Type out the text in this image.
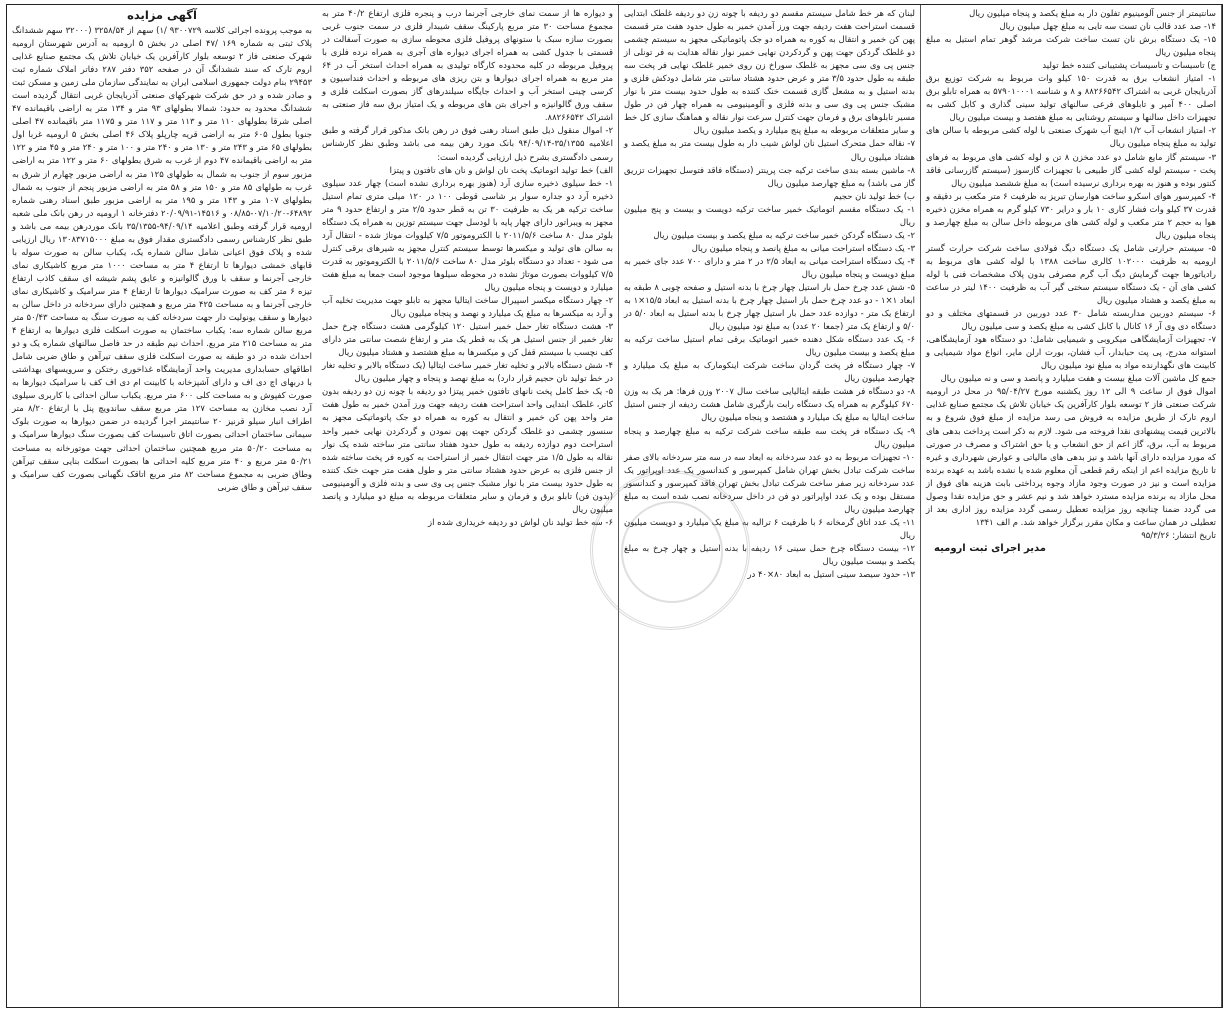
آگهی مزایده

به موجب پرونده اجرائی کلاسه ۹۳۰۰۷۲۹ /۱) سهم از ۳۲۵۸/۵۴ (۳۲۰۰۰ سهم ششدانگ پلاک ثبتی به شماره ۱۶۹ /۴۷ اصلی در بخش ۵ ارومیه به آدرس شهرستان ارومیه شهرک صنعتی فاز ۲ توسعه بلوار کارآفرین یک خیابان تلاش یک مجتمع صنایع غذایی اروم تارک که سند ششدانگ آن در صفحه ۳۵۲ دفتر ۲۸۷ دفاتر املاک شماره ثبت ۲۹۴۵۳ بنام دولت جمهوری اسلامی ایران به نمایندگی سازمان ملی زمین و مسکن ثبت و صادر شده و در حق شرکت شهرکهای صنعتی آذربایجان غربی انتقال گردیده است ششدانگ محدود به حدود: شمالا بطولهای ۹۳ متر و ۱۳۴ متر به اراضی باقیمانده ۴۷ اصلی شرقا بطولهای ۱۱۰ متر و ۱۱۳ متر و ۱۱۷ متر و ۱۱۷۵ متر باقیمانده ۴۷ اصلی جنوبا بطول ۶۰۵ متر به اراضی قریه چارپلو پلاک ۴۶ اصلی بخش ۵ ارومیه غربا اول بطولهای ۶۵ متر و ۲۴۳ متر و ۱۳۰ متر و ۲۴۰ متر و ۱۰۰ متر و ۲۴۰ متر و ۴۵ متر و ۱۲۲ متر به اراضی باقیمانده ۴۷ دوم از غرب به شرق بطولهای ۶۰ متر و ۱۲۲ متر به اراضی مزبور سوم از جنوب به شمال به طولهای ۱۲۵ متر به اراضی مزبور چهارم از شرق به غرب به طولهای ۸۵ متر و ۱۵۰ متر و ۵۸ متر به اراضی مزبور پنجم از جنوب به شمال بطولهای ۱۰۷ متر و ۱۴۳ متر و ۱۹۵ متر به اراضی مزبور طبق اسناد رهنی شماره ۶۴۸۹۲-۰۷/۱۰/۲۰-۰۸/۸۵ و ۱۴۵۱۶-۲۰/۰۹/۹۱ دفترخانه ۱ ارومیه در رهن بانک ملی شعبه ارومیه قرار گرفته وطبق اعلامیه ۹۴/۰۹/۱۴-۳۵/۱۳۵۵ بانک موردرهن بیمه می باشد و طبق نظر کارشناس رسمی دادگستری مقدار فوق به مبلغ ۱۳۰۸۳۷۱۵۰۰۰ ریال ارزیابی شده و پلاک فوق اعیانی شامل سالن شماره یک، یکباب سالن به صورت سوله با قابهای خمشی دیوارها تا ارتفاع ۴ متر به مساحت ۱۰۰۰ متر مربع کاشیکاری نمای خارجی آجرنما و سقف با ورق گالوانیزه و عایق پشم شیشه ای سقف کاذب ارتفاع تیزه ۶ متر کف به صورت سرامیک دیوارها تا ارتفاع ۴ متر سرامیک و کاشیکاری نمای خارجی آجرنما و به مساحت ۴۲۵ متر مربع و همچنین دارای سردخانه در داخل سالن به دیوارها و سقف یونولیت دار جهت سردخانه کف به صورت سنگ به مساحت ۵۰/۴۳ متر مربع سالن شماره سه: یکباب ساختمان به صورت اسکلت فلزی دیوارها به ارتفاع ۴ متر به مساحت ۲۱۵ متر مربع. احداث نیم طبقه در حد فاصل سالنهای شماره یک و دو احداث شده در دو طبقه به صورت اسکلت فلزی سقف تیرآهن و طاق ضربی شامل اطاقهای حسابداری مدیریت واحد آزمایشگاه غذاخوری رختکن و سرویسهای بهداشتی با دربهای اچ دی اف و دارای آشپزخانه با کابینت ام دی اف کف با سرامیک دیوارها به صورت کفپوش و به مساحت کلی ۶۰۰ متر مربع. یکباب سالن احداثی با کاربری سیلوی آرد نصب مخازن به مساحت ۱۲۷ متر مربع سقف ساندویچ پنل با ارتفاع ۸/۲۰ متر اطراف انبار سیلو قرنیز ۲۰ سانتیمتر اجرا گردیده در ضمن دیوارها به صورت بلوک سیمانی ساختمان احداثی بصورت اتاق تاسیسات کف بصورت سنگ دیوارها سرامیک و به مساحت ۵۰/۲۰ متر مربع همچنین ساختمان احداثی جهت موتورخانه به مساحت ۵۰/۲۱ متر مربع و ۴۰ متر مربع کلیه احداثی ها بصورت اسکلت بنایی سقف تیرآهن وطاق ضربی به مجموع مساحت ۸۲ متر مربع اتاقک نگهبانی بصورت کف سرامیک و سقف تیرآهن و طاق ضربی

و دیواره ها از سمت نمای خارجی آجرنما درب و پنجره فلزی ارتفاع ۴۰/۲ متر به مجموع مساحت ۳۰ متر مربع پارکینگ سقف شیبدار فلزی در سمت جنوب غربی بصورت سازه سبک با ستونهای پروفیل فلزی محوطه سازی به صورت آسفالت در قسمتی با جدول کشی به همراه اجرای دیواره های آجری به همراه نرده فلزی با پروفیل مربوطه در کلیه محدوده کارگاه تولیدی به همراه احداث استخر آب در ۶۴ متر مربع به همراه اجرای دیوارها و بتن ریزی های مربوطه و احداث فنداسیون و کرسی چینی استخر آب و احداث جایگاه سیلندرهای گاز بصورت اسکلت فلزی و سقف ورق گالوانیزه و اجرای بتن های مربوطه و یک امتیاز برق سه فاز صنعتی به اشتراک ۸۸۲۶۶۵۴۲.
۲- اموال منقول ذیل طبق اسناد رهنی فوق در رهن بانک مذکور قرار گرفته و طبق اعلامیه ۳۵/۱۳۵۵-۹۴/۰۹/۱۴ بانک مورد رهن بیمه می باشد وطبق نظر کارشناس رسمی دادگستری بشرح ذیل ارزیابی گردیده است:
الف) خط تولید اتوماتیک پخت نان لواش و نان های تافتون و پیتزا
۱- خط سیلوی ذخیره سازی آرد (هنوز بهره برداری نشده است) چهار عدد سیلوی ذخیره آرد دو جداره سوار بر شاسی قوطی ۱۰۰ در ۱۲۰ میلی متری تمام استیل ساخت ترکیه هر یک به ظرفیت ۳۰ تن به قطر حدود ۲/۵ متر و ارتفاع حدود ۹ متر مجهز به ویبراتور دارای چهار پایه با لودسل جهت سیستم توزین به همراه یک دستگاه بلوئر مدل ۸۰ ساخت ۲۰۱۱/۵/۶ با الکتروموتور ۷/۵ کیلووات موتاژ شده - انتقال آرد به سالن های تولید و میکسرها توسط سیستم کنترل مجهز به شیرهای برقی کنترل می شود - تعداد دو دستگاه بلوئر مدل ۸۰ ساخت ۲۰۱۱/۵/۶ با الکتروموتور به قدرت ۷/۵ کیلووات بصورت موتاژ نشده در محوطه سیلوها موجود است جمعا به مبلغ هفت میلیارد و دویست و پنجاه میلیون ریال
۲- چهار دستگاه میکسر اسپیرال ساخت ایتالیا مجهز به تابلو جهت مدیریت تخلیه آب و آرد به میکسرها به مبلغ یک میلیارد و نهصد و پنجاه میلیون ریال
۳- هشت دستگاه تغار حمل خمیر استیل ۱۲۰ کیلوگرمی هشت دستگاه چرخ حمل تغار خمیر از جنس استیل هر یک به قطر یک متر و ارتفاع شصت سانتی متر دارای کف نچسب با سیستم قفل کن و میکسرها به مبلغ هشتصد و هشتاد میلیون ریال
۴- شش دستگاه بالابر و تخلیه تغار خمیر ساخت ایتالیا (یک دستگاه بالابر و تخلیه تغار در خط تولید نان حجیم قرار دارد) به مبلغ نهصد و پنجاه و چهار میلیون ریال
۵- یک خط کامل پخت نانهای تافتون خمیر پیتزا دو ردیفه با چونه زن دو ردیفه بدون کاتر، غلطک ابتدایی واحد استراحت هفت ردیفه جهت ورز آمدن خمیر به طول هفت متر واحد پهن کن خمیر و انتقال به کوره به همراه دو جک پاتوماتیکی مجهز به سنسور چشمی دو غلطک گردکن جهت پهن نمودن و گردکردن نهایی خمیر واحد استراحت دوم دوازده ردیفه به طول حدود هفتاد سانتی متر ساخته شده یک نوار نقاله به طول ۱/۵ متر جهت انتقال خمیر از استراحت به کوره فر پخت ساخته شده از جنس فلزی به عرض حدود هشتاد سانتی متر و طول هفت متر جهت خنک کننده به طول حدود بیست متر با نوار مشبک جنس پی وی سی و بدنه فلزی و آلومینیومی (بدون فن) تابلو برق و فرمان و سایر متعلقات مربوطه به مبلغ دو میلیارد و پانصد میلیون ریال
۶- سه خط تولید نان لواش دو ردیفه خریداری شده از

لبنان که هر خط شامل سیستم مقسم دو ردیفه با چونه زن دو ردیفه غلطک ابتدایی قسمت استراحت هفت ردیفه جهت ورز آمدن خمیر به طول حدود هفت متر قسمت پهن کن خمیر و انتقال به کوره به همراه دو جک پاتوماتیکی مجهز به سیستم چشمی دو غلطک گردکن جهت پهن و گردکردن نهایی خمیر نوار نقاله هدایت به فر تونلی از جنس پی وی سی مجهز به غلطک سوراخ زن روی خمیر غلطک نهایی فر پخت سه طبقه به طول حدود ۳/۵ متر و عرض حدود هشتاد سانتی متر شامل دودکش فلزی و بدنه استیل و به مشعل گازی قسمت خنک کننده به طول حدود بیست متر با نوار مشبک جنس پی وی سی و بدنه فلزی و آلومینیومی به همراه چهار فن در طول مسیر تابلوهای برق و فرمان جهت کنترل سرعت نوار نقاله و هماهنگ سازی کل خط و سایر متعلقات مربوطه به مبلغ پنج میلیارد و یکصد میلیون ریال
۷- نقاله حمل متحرک استیل نان لواش شیب دار به طول بیست متر به مبلغ یکصد و هشتاد میلیون ریال
۸- ماشین بسته بندی ساخت ترکیه جت پرینتر (دستگاه فاقد فتوسل تجهیزات تزریق گاز می باشد) به مبلغ چهارصد میلیون ریال
ب) خط تولید نان حجیم
۱- یک دستگاه مقسم اتوماتیک خمیر ساخت ترکیه دویست و بیست و پنج میلیون ریال
۲- یک دستگاه گردکن خمیر ساخت ترکیه به مبلغ یکصد و بیست میلیون ریال
۳- یک دستگاه استراحت میانی به مبلغ پانصد و پنجاه میلیون ریال
۴- یک دستگاه استراحت میانی به ابعاد ۲/۵ در ۲ متر و دارای ۷۰۰ عدد جای خمیر به مبلغ دویست و پنجاه میلیون ریال
۵- شش عدد چرخ حمل بار استیل چهار چرخ با بدنه استیل و صفحه چوبی ۸ طبقه به ابعاد ۱×۱ - دو عدد چرخ حمل بار استیل چهار چرخ با بدنه استیل به ابعاد ۱۵/۵×۱ به ارتفاع یک متر - دوازده عدد حمل بار استیل چهار چرخ با بدنه استیل به ابعاد ۵/۰ در ۵/۰ و ارتفاع یک متر (جمعا ۲۰ عدد) به مبلغ نود میلیون ریال
۶- یک عدد دستگاه شکل دهنده خمیر اتوماتیک برقی تمام استیل ساخت ترکیه به مبلغ یکصد و بیست میلیون ریال
۷- چهار دستگاه فر پخت گردان ساخت شرکت اینکومارک به مبلغ یک میلیارد و چهارصد میلیون ریال
۸- دو دستگاه فر هشت طبقه ایتالیایی ساخت سال ۲۰۰۷ وزن فرها: هر یک به وزن ۶۷۰ کیلوگرم به همراه یک دستگاه رابت بارگیری شامل هشت ردیفه از جنس استیل ساخت ایتالیا به مبلغ یک میلیارد و هشتصد و پنجاه میلیون ریال
۹- یک دستگاه فر پخت سه طبقه ساخت شرکت ترکیه به مبلغ چهارصد و پنجاه میلیون ریال
۱۰- تجهیزات مربوط به دو عدد سردخانه به ابعاد سه در سه متر سردخانه بالای صفر ساخت شرکت تبادل بخش تهران شامل کمپرسور و کندانسور یک عدد اوپراتور یک عدد سردخانه زیر صفر ساخت شرکت تبادل بخش تهران فاقد کمپرسور و کندانسور مستقل بوده و یک عدد اواپراتور دو فن در داخل سردخانه نصب شده است به مبلغ چهارصد میلیون ریال
۱۱- یک عدد اتاق گرمخانه ۶ با ظرفیت ۶ ترالیه به مبلغ یک میلیارد و دویست میلیون ریال
۱۲- بیست دستگاه چرخ حمل سینی ۱۶ ردیفه با بدنه استیل و چهار چرخ به مبلغ یکصد و بیست میلیون ریال
۱۳- حدود سیصد سینی استیل به ابعاد ۸۰×۴۰ در

سانتیمتر از جنس آلومینیوم تفلون دار به مبلغ یکصد و پنجاه میلیون ریال
۱۴- صد عدد قالب نان تست سه تایی به مبلغ چهل میلیون ریال
۱۵- یک دستگاه برش نان تست ساخت شرکت مرشد گوهر تمام استیل به مبلغ پنجاه میلیون ریال
ج) تاسیسات و تاسیسات پشتیبانی کننده خط تولید
۱- امتیاز انشعاب برق به قدرت ۱۵۰ کیلو وات مربوط به شرکت توزیع برق آذربایجان غربی به اشتراک ۸۸۲۶۶۵۴۲ و ۸ و شناسه ۵۷۹۰۱۰۰۰۱ به همراه تابلو برق اصلی ۴۰۰ آمپر و تابلوهای فرعی سالنهای تولید سینی گذاری و کابل کشی به تجهیزات داخل سالنها و سیستم روشنایی به مبلغ هفتصد و بیست میلیون ریال
۲- امتیاز انشعاب آب ۱/۲ اینچ آب شهرک صنعتی با لوله کشی مربوطه با سالن های تولید به مبلغ پنجاه میلیون ریال
۳- سیستم گاز مایع شامل دو عدد مخزن ۸ تن و لوله کشی های مربوط به فرهای پخت - سیستم لوله کشی گاز طبیعی با تجهیزات گازسوز (سیستم گازرسانی فاقد کنتور بوده و هنوز به بهره برداری نرسیده است) به مبلغ ششصد میلیون ریال
۴- کمپرسور هوای اسکرو ساخت هوارسان تبریز به ظرفیت ۶ متر مکعب بر دقیقه و قدرت ۳۷ کیلو وات فشار کاری ۱۰ بار و درایر ۷۳۰ کیلو گرم به همراه مخزن ذخیره هوا به حجم ۲ متر مکعب و لوله کشی های مربوطه داخل سالن به مبلغ چهارصد و پنجاه میلیون ریال
۵- سیستم حرارتی شامل یک دستگاه دیگ فولادی ساخت شرکت حرارت گستر ارومیه به ظرفیت ۱۰۲۰۰۰ کالری ساخت ۱۳۸۸ با لوله کشی های مربوط به رادیاتورها جهت گرمایش دیگ آب گرم مصرفی بدون پلاک مشخصات فنی با لوله کشی های آن - یک دستگاه سیستم سختی گیر آب به ظرفیت ۱۴۰۰ لیتر در ساعت به مبلغ یکصد و هشتاد میلیون ریال
۶- سیستم دوربین مداربسته شامل ۳۰ عدد دوربین در قسمتهای مختلف و دو دستگاه دی وی آر ۱۶ کانال با کابل کشی به مبلغ یکصد و سی میلیون ریال
۷- تجهیزات آزمایشگاهی میکروبی و شیمیایی شامل: دو دستگاه هود آزمایشگاهی، استوانه مدرج، پی پت حبابدار، آب فشان، بورت ارلن مایر، انواع مواد شیمیایی و کابینت های نگهدارنده مواد به مبلغ نود میلیون ریال
جمع کل ماشین آلات مبلغ بیست و هفت میلیارد و پانصد و سی و نه میلیون ریال
اموال فوق از ساعت ۹ الی ۱۲ روز یکشنبه مورخ ۹۵/۰۴/۲۷ در محل در ارومیه شرکت صنعتی فاز ۲ توسعه بلوار کارآفرین یک خیابان تلاش یک مجتمع صنایع غذایی اروم تارک از طریق مزایده به فروش می رسد مزایده از مبلغ فوق شروع و به بالاترین قیمت پیشنهادی نقدا فروخته می شود. لازم به ذکر است پرداخت بدهی های مربوط به آب، برق، گاز اعم از حق انشعاب و یا حق اشتراک و مصرف در صورتی که مورد مزایده دارای آنها باشد و نیز بدهی های مالیاتی و عوارض شهرداری و غیره تا تاریخ مزایده اعم از اینکه رقم قطعی آن معلوم شده یا نشده باشد به عهده برنده مزایده است و نیز در صورت وجود مازاد وجوه پرداختی بابت هزینه های فوق از محل مازاد به برنده مزایده مسترد خواهد شد و نیم عشر و حق مزایده نقدا وصول می گردد ضمنا چنانچه روز مزایده تعطیل رسمی گردد مزایده روز اداری بعد از تعطیلی در همان ساعت و مکان مقرر برگزار خواهد شد. م الف ۱۳۴۱
تاریخ انتشار: ۹۵/۳/۲۶

مدیر اجرای ثبت ارومیه
